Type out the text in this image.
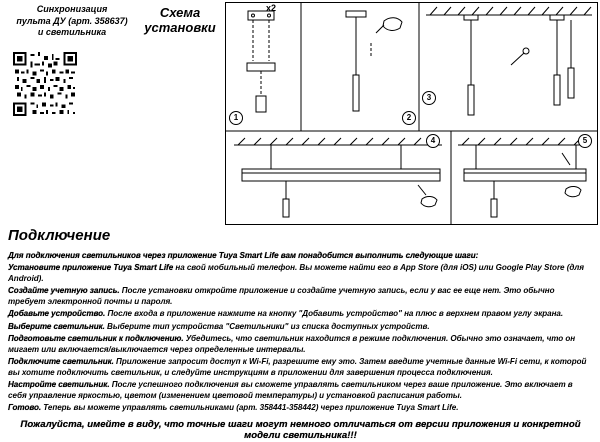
Синхронизация
пульта ДУ (арт. 358637)
и светильника
Схема
установки
x2
1	2
3
4	5
Подключение

Для подключения светильников через приложение Tuya Smart Life вам понадобится выполнить следующие шаги:

Установите приложение Tuya Smart Life на свой мобильный телефон. Вы можете найти его в App Store (для iOS) или Google Play Store (для Android).

Создайте учетную запись. После установки откройте приложение и создайте учетную запись, если у вас ее еще нет. Это обычно требует электронной почты и пароля.

Добавьте устройство. После входа в приложение нажмите на кнопку "Добавить устройство" на плюс в верхнем правом углу экрана.

Выберите светильник. Выберите тип устройства "Светильники" из списка доступных устройств.

Подготовьте светильник к подключению. Убедитесь, что светильник находится в режиме подключения. Обычно это означает, что он мигает или включается/выключается через определенные интервалы.

Подключите светильник. Приложение запросит доступ к Wi-Fi, разрешите ему это. Затем введите учетные данные Wi-Fi сети, к которой вы хотите подключить светильник, и следуйте инструкциям в приложении для завершения процесса подключения.

Настройте светильник. После успешного подключения вы сможете управлять светильником через ваше приложение. Это включает в себя управление яркостью, цветом (изменением цветовой температуры) и установкой расписания работы.

Готово. Теперь вы можете управлять светильниками (арт. 358441-358442) через приложение Tuya Smart Life.

Пожалуйста, имейте в виду, что точные шаги могут немного отличаться от версии приложения и конкретной модели светильника!!!
